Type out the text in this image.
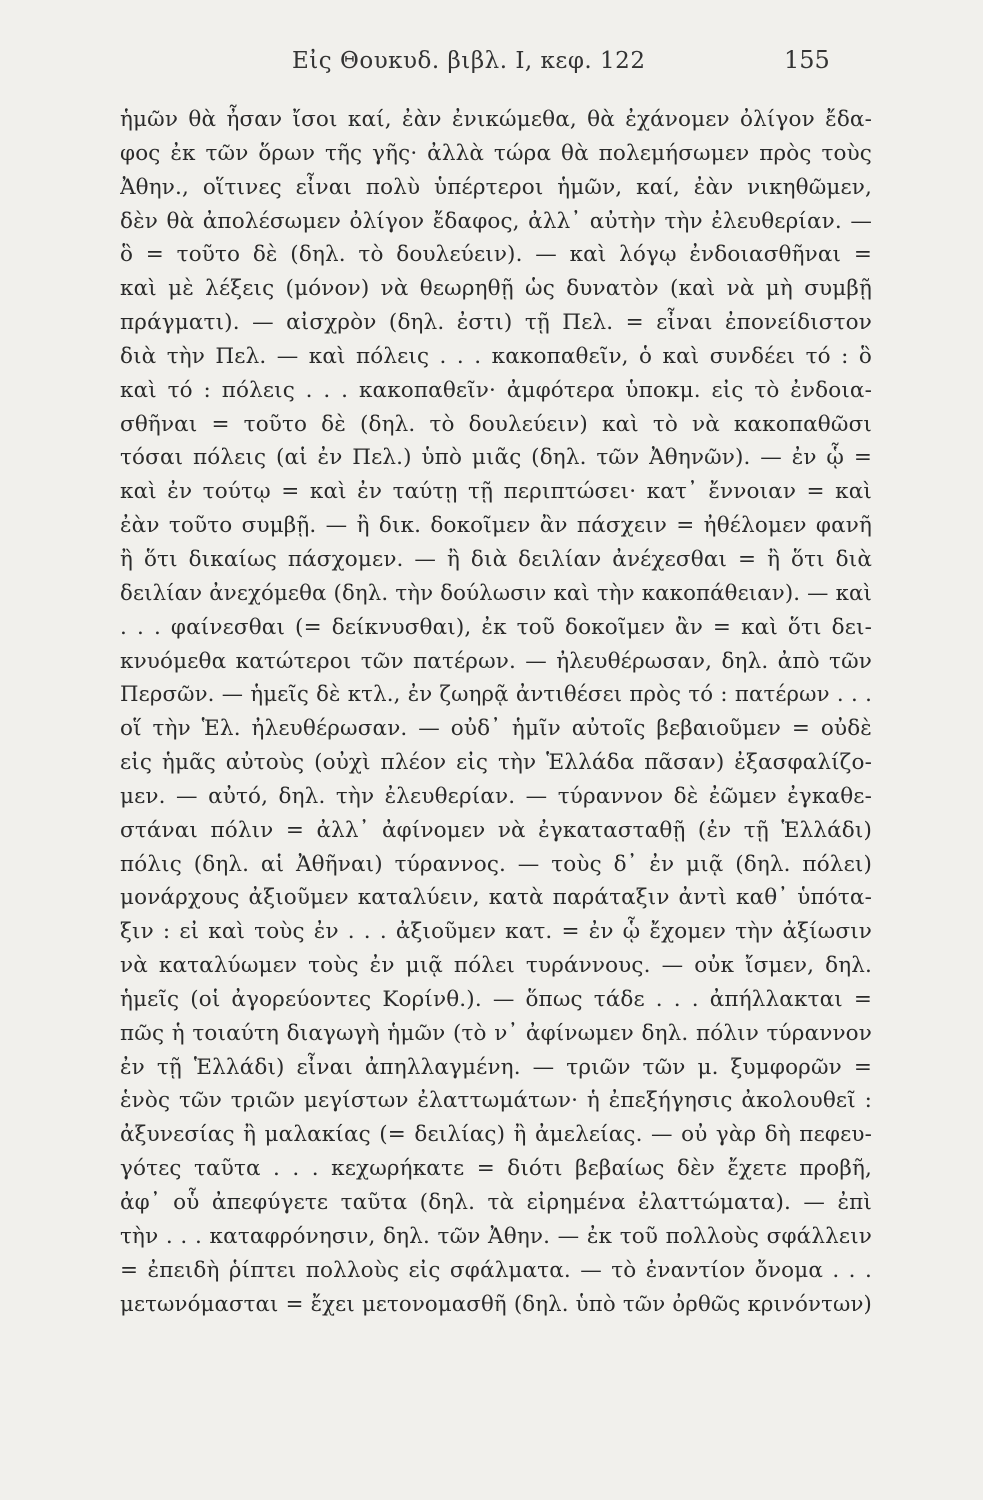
Εἰς Θουκυδ. βιβλ. I, κεφ. 122	155
ἡμῶν θὰ ἦσαν ἴσοι καί, ἐὰν ἐνικώμεθα, θὰ ἐχάνομεν ὀλίγον ἔδα-
φος ἐκ τῶν ὅρων τῆς γῆς· ἀλλὰ τώρα θὰ πολεμήσωμεν πρὸς τοὺς
Ἀθην., οἵτινες εἶναι πολὺ ὑπέρτεροι ἡμῶν, καί, ἐὰν νικηθῶμεν,
δὲν θὰ ἀπολέσωμεν ὀλίγον ἔδαφος, ἀλλ᾽ αὐτὴν τὴν ἐλευθερίαν. —
ὃ = τοῦτο δὲ (δηλ. τὸ δουλεύειν). — καὶ λόγῳ ἐνδοιασθῆναι =
καὶ μὲ λέξεις (μόνον) νὰ θεωρηθῇ ὡς δυνατὸν (καὶ νὰ μὴ συμβῇ
πράγματι). — αἰσχρὸν (δηλ. ἐστι) τῇ Πελ. = εἶναι ἐπονείδιστον
διὰ τὴν Πελ. — καὶ πόλεις . . . κακοπαθεῖν, ὁ καὶ συνδέει τό : ὃ
καὶ τό : πόλεις . . . κακοπαθεῖν· ἀμφότερα ὑποκμ. εἰς τὸ ἐνδοια-
σθῆναι = τοῦτο δὲ (δηλ. τὸ δουλεύειν) καὶ τὸ νὰ κακοπαθῶσι
τόσαι πόλεις (αἱ ἐν Πελ.) ὑπὸ μιᾶς (δηλ. τῶν Ἀθηνῶν). — ἐν ᾧ =
καὶ ἐν τούτῳ = καὶ ἐν ταύτῃ τῇ περιπτώσει· κατ᾽ ἔννοιαν = καὶ
ἐὰν τοῦτο συμβῇ. — ἢ δικ. δοκοῖμεν ἂν πάσχειν = ἠθέλομεν φανῆ
ἢ ὅτι δικαίως πάσχομεν. — ἢ διὰ δειλίαν ἀνέχεσθαι = ἢ ὅτι διὰ
δειλίαν ἀνεχόμεθα (δηλ. τὴν δούλωσιν καὶ τὴν κακοπάθειαν). — καὶ
. . . φαίνεσθαι (= δείκνυσθαι), ἐκ τοῦ δοκοῖμεν ἂν = καὶ ὅτι δει-
κνυόμεθα κατώτεροι τῶν πατέρων. — ἠλευθέρωσαν, δηλ. ἀπὸ τῶν
Περσῶν. — ἡμεῖς δὲ κτλ., ἐν ζωηρᾷ ἀντιθέσει πρὸς τό : πατέρων . . .
οἵ τὴν Ἑλ. ἠλευθέρωσαν. — οὐδ᾽ ἡμῖν αὐτοῖς βεβαιοῦμεν = οὐδὲ
εἰς ἡμᾶς αὐτοὺς (οὐχὶ πλέον εἰς τὴν Ἑλλάδα πᾶσαν) ἐξασφαλίζο-
μεν. — αὐτό, δηλ. τὴν ἐλευθερίαν. — τύραννον δὲ ἐῶμεν ἐγκαθε-
στάναι πόλιν = ἀλλ᾽ ἀφίνομεν νὰ ἐγκατασταθῇ (ἐν τῇ Ἑλλάδι)
πόλις (δηλ. αἱ Ἀθῆναι) τύραννος. — τοὺς δ᾽ ἐν μιᾷ (δηλ. πόλει)
μονάρχους ἀξιοῦμεν καταλύειν, κατὰ παράταξιν ἀντὶ καθ᾽ ὑπότα-
ξιν : εἰ καὶ τοὺς ἐν . . . ἀξιοῦμεν κατ. = ἐν ᾧ ἔχομεν τὴν ἀξίωσιν
νὰ καταλύωμεν τοὺς ἐν μιᾷ πόλει τυράννους. — οὐκ ἴσμεν, δηλ.
ἡμεῖς (οἱ ἀγορεύοντες Κορίνθ.). — ὅπως τάδε . . . ἀπήλλακται =
πῶς ἡ τοιαύτη διαγωγὴ ἡμῶν (τὸ ν᾽ ἀφίνωμεν δηλ. πόλιν τύραννον
ἐν τῇ Ἑλλάδι) εἶναι ἀπηλλαγμένη. — τριῶν τῶν μ. ξυμφορῶν =
ἑνὸς τῶν τριῶν μεγίστων ἐλαττωμάτων· ἡ ἐπεξήγησις ἀκολουθεῖ :
ἀξυνεσίας ἢ μαλακίας (= δειλίας) ἢ ἀμελείας. — οὐ γὰρ δὴ πεφευ-
γότες ταῦτα . . . κεχωρήκατε = διότι βεβαίως δὲν ἔχετε προβῆ,
ἀφ᾽ οὗ ἀπεφύγετε ταῦτα (δηλ. τὰ εἰρημένα ἐλαττώματα). — ἐπὶ
τὴν . . . καταφρόνησιν, δηλ. τῶν Ἀθην. — ἐκ τοῦ πολλοὺς σφάλλειν
= ἐπειδὴ ῥίπτει πολλοὺς εἰς σφάλματα. — τὸ ἐναντίον ὄνομα . . .
μετωνόμασται = ἔχει μετονομασθῆ (δηλ. ὑπὸ τῶν ὀρθῶς κρινόντων)
